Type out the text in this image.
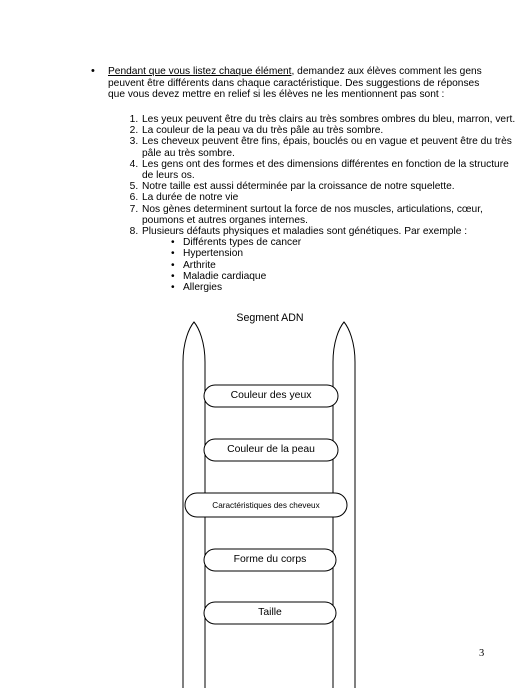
• Pendant que vous listez chaque élément, demandez aux élèves comment les gens peuvent être différents dans chaque caractéristique. Des suggestions de réponses que vous devez mettre en relief si les élèves ne les mentionnent pas sont :
1. Les yeux peuvent être du très clairs au très sombres ombres du bleu, marron, vert.
2. La couleur de la peau va du très pâle au très sombre.
3. Les cheveux peuvent être fins, épais, bouclés ou en vague et peuvent être du très pâle au très sombre.
4. Les gens ont des formes et des dimensions différentes en fonction de la structure de leurs os.
5. Notre taille est aussi déterminée par la croissance de notre squelette.
6. La durée de notre vie
7. Nos gènes determinent surtout la force de nos muscles, articulations, cœur, poumons et autres organes internes.
8. Plusieurs défauts physiques et maladies sont génétiques. Par exemple :
• Différents types de cancer
• Hypertension
• Arthrite
• Maladie cardiaque
• Allergies
Segment ADN
Couleur des yeux
Couleur de la peau
Caractéristiques des cheveux
Forme du corps
Taille
3
